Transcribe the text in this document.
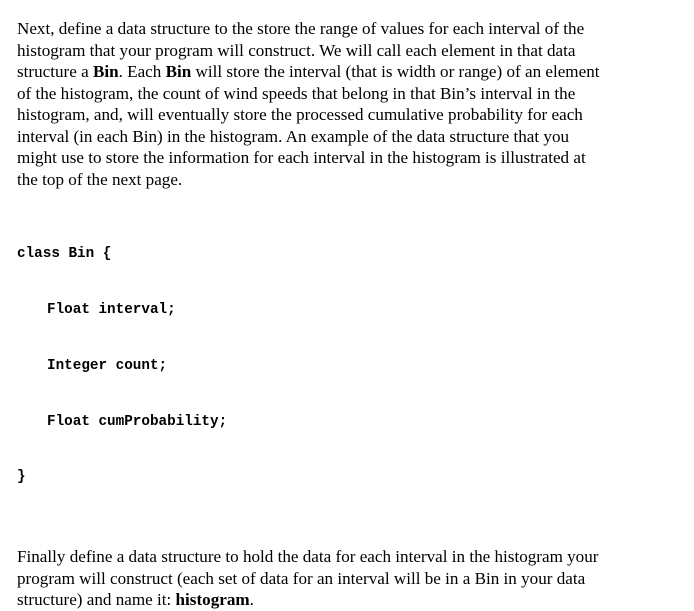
Next, define a data structure to the store the range of values for each interval of the
histogram that your program will construct. We will call each element in that data
structure a Bin. Each Bin will store the interval (that is width or range) of an element
of the histogram, the count of wind speeds that belong in that Bin’s interval in the
histogram, and, will eventually store the processed cumulative probability for each
interval (in each Bin) in the histogram. An example of the data structure that you
might use to store the information for each interval in the histogram is illustrated at
the top of the next page.

class Bin {

Float interval;

Integer count;

Float cumProbability;

}

Finally define a data structure to hold the data for each interval in the histogram your
program will construct (each set of data for an interval will be in a Bin in your data
structure) and name it: histogram.
